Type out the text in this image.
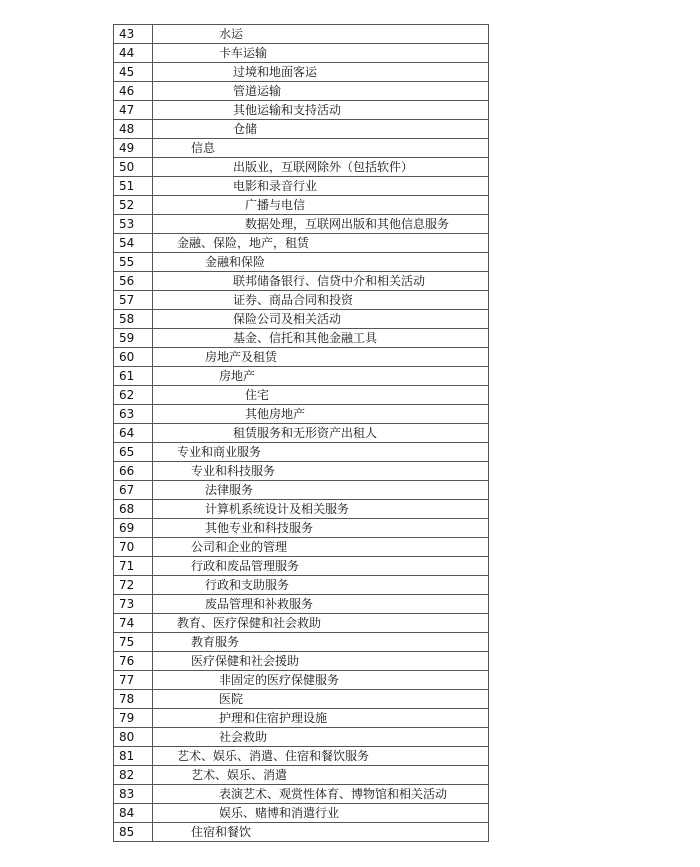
43	水运
44	卡车运输
45	过境和地面客运
46	管道运输
47	其他运输和支持活动
48	仓储
49	信息
50	出版业，互联网除外（包括软件）
51	电影和录音行业
52	广播与电信
53	数据处理，互联网出版和其他信息服务
54	金融、保险，地产，租赁
55	金融和保险
56	联邦储备银行、信贷中介和相关活动
57	证券、商品合同和投资
58	保险公司及相关活动
59	基金、信托和其他金融工具
60	房地产及租赁
61	房地产
62	住宅
63	其他房地产
64	租赁服务和无形资产出租人
65	专业和商业服务
66	专业和科技服务
67	法律服务
68	计算机系统设计及相关服务
69	其他专业和科技服务
70	公司和企业的管理
71	行政和废品管理服务
72	行政和支助服务
73	废品管理和补救服务
74	教育、医疗保健和社会救助
75	教育服务
76	医疗保健和社会援助
77	非固定的医疗保健服务
78	医院
79	护理和住宿护理设施
80	社会救助
81	艺术、娱乐、消遣、住宿和餐饮服务
82	艺术、娱乐、消遣
83	表演艺术、观赏性体育、博物馆和相关活动
84	娱乐、赌博和消遣行业
85	住宿和餐饮
